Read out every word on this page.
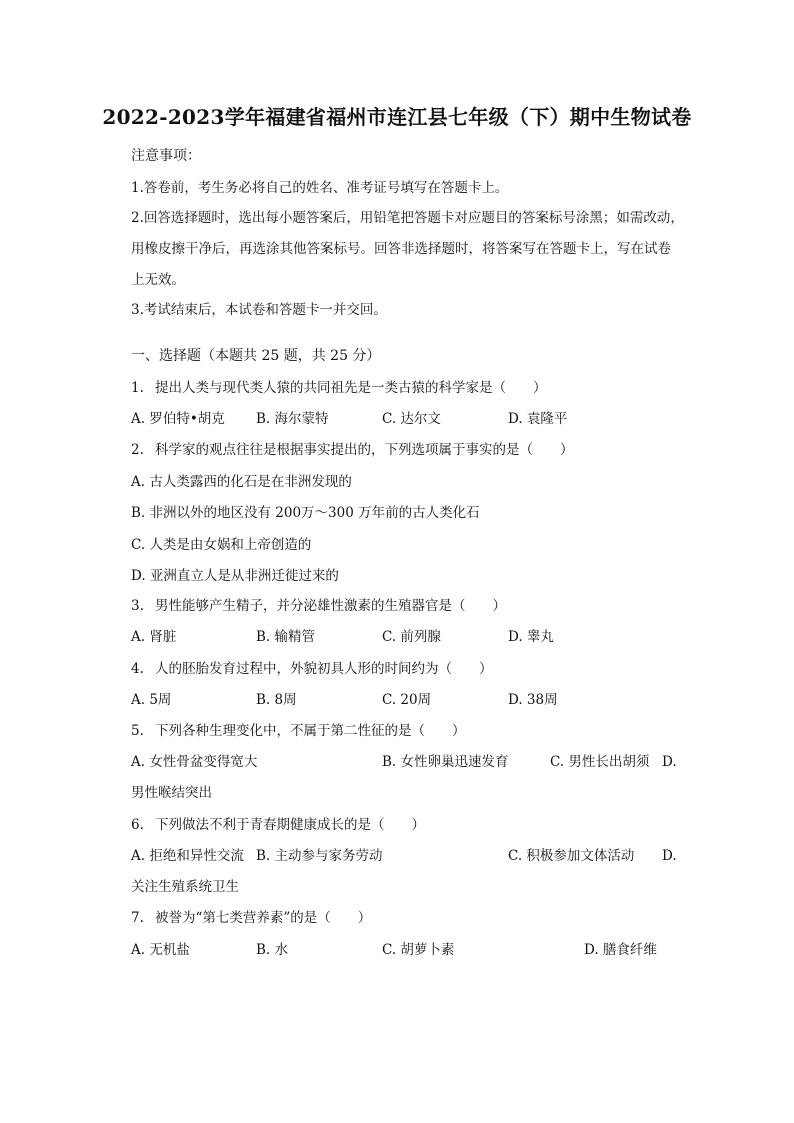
2022-2023学年福建省福州市连江县七年级（下）期中生物试卷
注意事项：
1.答卷前，考生务必将自己的姓名、准考证号填写在答题卡上。
2.回答选择题时，选出每小题答案后，用铅笔把答题卡对应题目的答案标号涂黑；如需改动，
用橡皮擦干净后，再选涂其他答案标号。回答非选择题时，将答案写在答题卡上，写在试卷
上无效。
3.考试结束后，本试卷和答题卡一并交回。
一、选择题（本题共 25 题，共 25 分）
1. 提出人类与现代类人猿的共同祖先是一类古猿的科学家是（　　）
A. 罗伯特•胡克 B. 海尔蒙特	C. 达尔文	D. 袁隆平
2. 科学家的观点往往是根据事实提出的，下列选项属于事实的是（　　）
A. 古人类露西的化石是在非洲发现的
B. 非洲以外的地区没有 200万～300 万年前的古人类化石
C. 人类是由女娲和上帝创造的
D. 亚洲直立人是从非洲迁徙过来的
3. 男性能够产生精子，并分泌雄性激素的生殖器官是（　　）
A. 肾脏	B. 输精管	C. 前列腺	D. 睾丸
4. 人的胚胎发育过程中，外貌初具人形的时间约为（　　）
A. 5周	B. 8周	C. 20周	D. 38周
5. 下列各种生理变化中，不属于第二性征的是（　　）
A. 女性骨盆变得宽大	B. 女性卵巢迅速发育	C. 男性长出胡须 D.
男性喉结突出
6. 下列做法不利于青春期健康成长的是（　　）
A. 拒绝和异性交流 B. 主动参与家务劳动	C. 积极参加文体活动 D.
关注生殖系统卫生
7. 被誉为“第七类营养素”的是（　　）
A. 无机盐	B. 水	C. 胡萝卜素	D. 膳食纤维
